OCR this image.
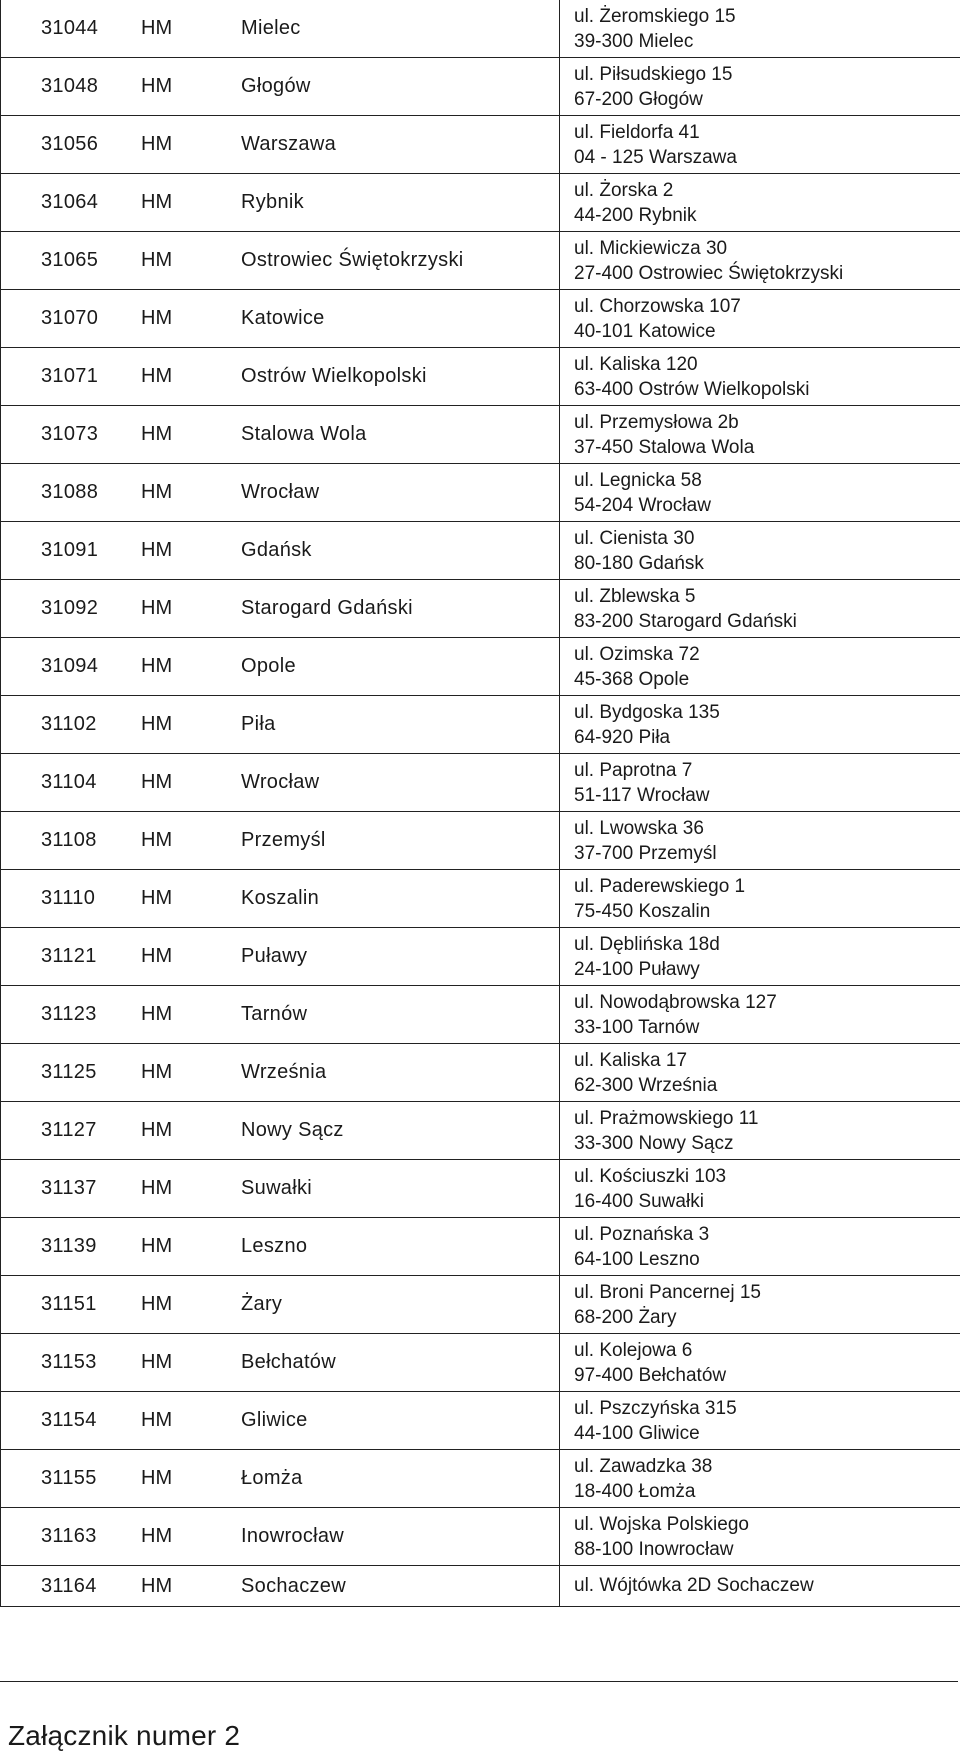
31044 HM Mielec	ul. Żeromskiego 15
39-300 Mielec

31048 HM Głogów	ul. Piłsudskiego 15
67-200 Głogów

31056 HM Warszawa	ul. Fieldorfa 41
04 - 125 Warszawa

31064 HM Rybnik	ul. Żorska 2
44-200 Rybnik

31065 HM Ostrowiec Świętokrzyski	ul. Mickiewicza 30
27-400 Ostrowiec Świętokrzyski

31070 HM Katowice	ul. Chorzowska 107
40-101 Katowice

31071 HM Ostrów Wielkopolski	ul. Kaliska 120
63-400 Ostrów Wielkopolski

31073 HM Stalowa Wola	ul. Przemysłowa 2b
37-450 Stalowa Wola

31088 HM Wrocław	ul. Legnicka 58
54-204 Wrocław

31091 HM Gdańsk	ul. Cienista 30
80-180 Gdańsk

31092 HM Starogard Gdański	ul. Zblewska 5
83-200 Starogard Gdański

31094 HM Opole	ul. Ozimska 72
45-368 Opole

31102 HM Piła	ul. Bydgoska 135
64-920 Piła

31104 HM Wrocław	ul. Paprotna 7
51-117 Wrocław

31108 HM Przemyśl	ul. Lwowska 36
37-700 Przemyśl

31110 HM Koszalin	ul. Paderewskiego 1
75-450 Koszalin

31121 HM Puławy	ul. Dęblińska 18d
24-100 Puławy

31123 HM Tarnów	ul. Nowodąbrowska 127
33-100 Tarnów

31125 HM Września	ul. Kaliska 17
62-300 Września

31127 HM Nowy Sącz	ul. Prażmowskiego 11
33-300 Nowy Sącz

31137 HM Suwałki	ul. Kościuszki 103
16-400 Suwałki

31139 HM Leszno	ul. Poznańska 3
64-100 Leszno

31151 HM Żary	ul. Broni Pancernej 15
68-200 Żary

31153 HM Bełchatów	ul. Kolejowa 6
97-400 Bełchatów

31154 HM Gliwice	ul. Pszczyńska 315
44-100 Gliwice

31155 HM Łomża	ul. Zawadzka 38
18-400 Łomża

31163 HM Inowrocław	ul. Wojska Polskiego
88-100 Inowrocław

31164 HM Sochaczew	ul. Wójtówka 2D Sochaczew
Załącznik numer 2
